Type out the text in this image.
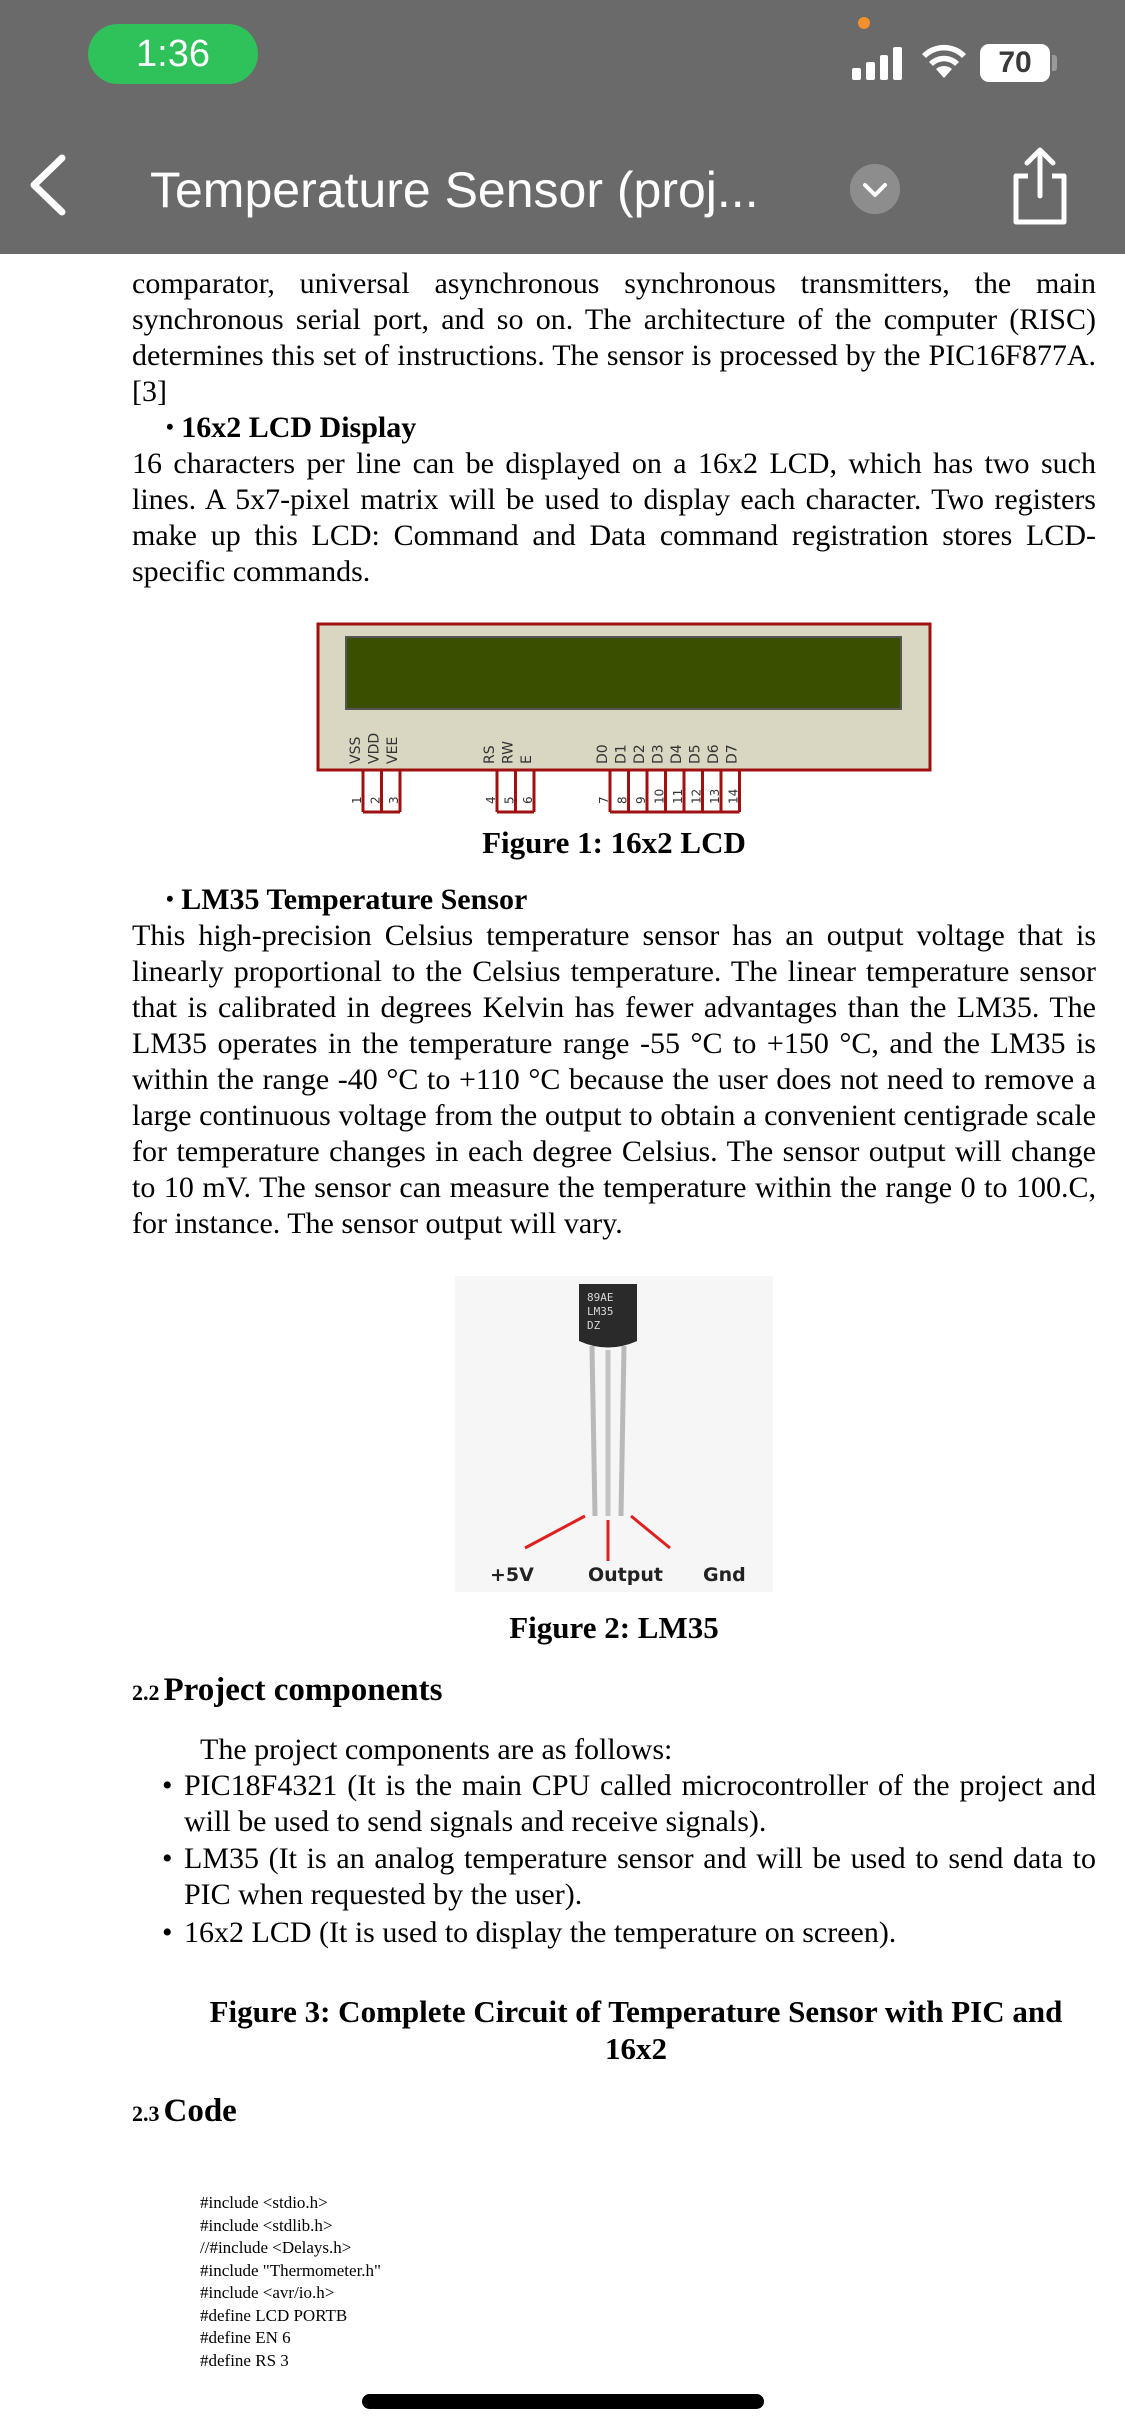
1:36	70
Temperature Sensor (proj...
comparator, universal asynchronous synchronous transmitters, the main synchronous serial port, and so on. The architecture of the computer (RISC) determines this set of instructions. The sensor is processed by the PIC16F877A. [3]
• 16x2 LCD Display
16 characters per line can be displayed on a 16x2 LCD, which has two such lines. A 5x7-pixel matrix will be used to display each character. Two registers make up this LCD: Command and Data command registration stores LCD-specific commands.
VSS
1
VDD
2
VEE
3
RS
4
RW
5
E
6
D0
7
D1
8
D2
9
D3
10
D4
11
D5
12
D6
13
D7
14
Figure 1: 16x2 LCD
• LM35 Temperature Sensor
This high-precision Celsius temperature sensor has an output voltage that is linearly proportional to the Celsius temperature. The linear temperature sensor that is calibrated in degrees Kelvin has fewer advantages than the LM35. The LM35 operates in the temperature range -55 °C to +150 °C, and the LM35 is within the range -40 °C to +110 °C because the user does not need to remove a large continuous voltage from the output to obtain a convenient centigrade scale for temperature changes in each degree Celsius. The sensor output will change to 10 mV. The sensor can measure the temperature within the range 0 to 100.C, for instance. The sensor output will vary.
89AE
LM35
DZ
+5V	Output Gnd
Figure 2: LM35
2.2 Project components
The project components are as follows:
• PIC18F4321 (It is the main CPU called microcontroller of the project and will be used to send signals and receive signals).
• LM35 (It is an analog temperature sensor and will be used to send data to PIC when requested by the user).
• 16x2 LCD (It is used to display the temperature on screen).
Figure 3: Complete Circuit of Temperature Sensor with PIC and 16x2
2.3 Code
#include <stdio.h>
#include <stdlib.h>
//#include <Delays.h>
#include "Thermometer.h"
#include <avr/io.h>
#define LCD PORTB
#define EN 6
#define RS 3
